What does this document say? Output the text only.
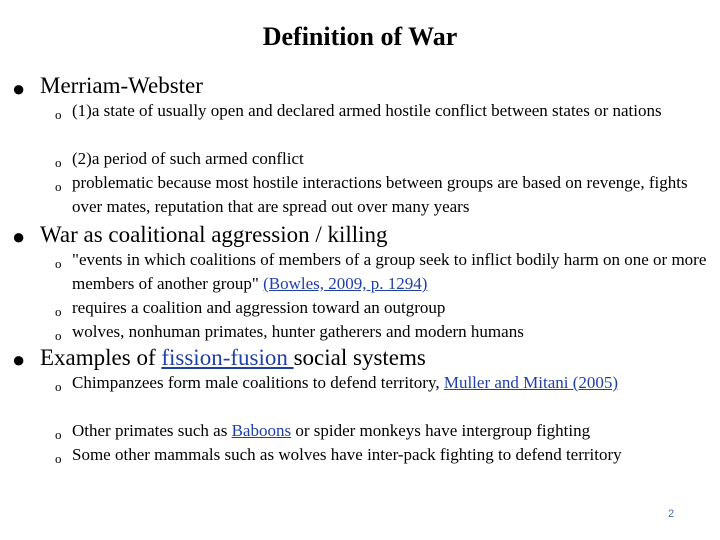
Definition of War
● Merriam-Webster
o (1)a state of usually open and declared armed hostile conflict between states or nations
o (2)a period of such armed conflict
o problematic because most hostile interactions between groups are based on revenge, fights over mates, reputation that are spread out over many years
● War as coalitional aggression / killing
o "events in which coalitions of members of a group seek to inflict bodily harm on one or more members of another group" (Bowles, 2009, p. 1294)
o requires a coalition and aggression toward an outgroup
o wolves, nonhuman primates, hunter gatherers and modern humans
● Examples of fission-fusion social systems
o Chimpanzees form male coalitions to defend territory, Muller and Mitani (2005)
o Other primates such as Baboons or spider monkeys have intergroup fighting
o Some other mammals such as wolves have inter-pack fighting to defend territory
2
